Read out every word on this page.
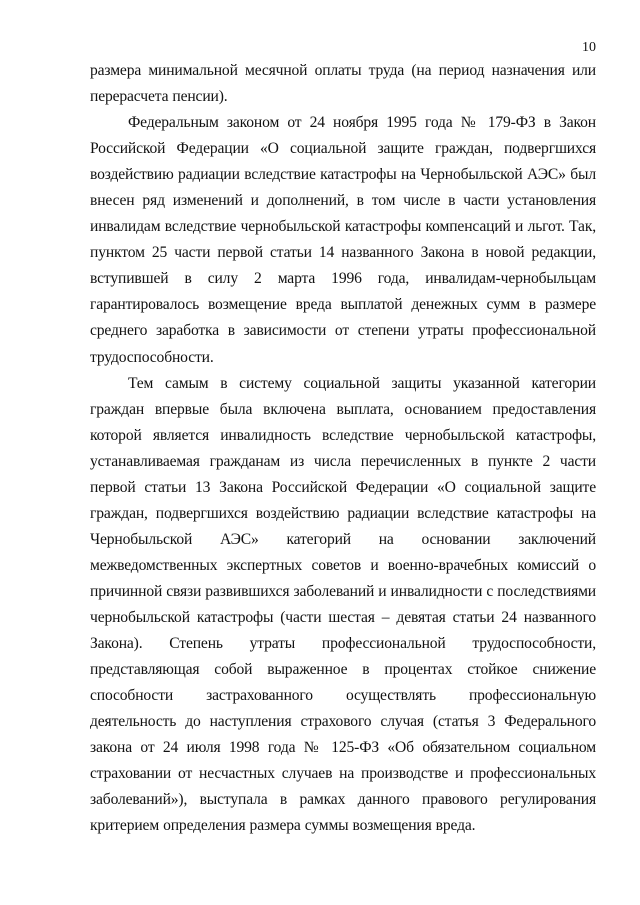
10

размера минимальной месячной оплаты труда (на период назначения или перерасчета пенсии).

Федеральным законом от 24 ноября 1995 года № 179-ФЗ в Закон Российской Федерации «О социальной защите граждан, подвергшихся воздействию радиации вследствие катастрофы на Чернобыльской АЭС» был внесен ряд изменений и дополнений, в том числе в части установления инвалидам вследствие чернобыльской катастрофы компенсаций и льгот. Так, пунктом 25 части первой статьи 14 названного Закона в новой редакции, вступившей в силу 2 марта 1996 года, инвалидам-чернобыльцам гарантировалось возмещение вреда выплатой денежных сумм в размере среднего заработка в зависимости от степени утраты профессиональной трудоспособности.

Тем самым в систему социальной защиты указанной категории граждан впервые была включена выплата, основанием предоставления которой является инвалидность вследствие чернобыльской катастрофы, устанавливаемая гражданам из числа перечисленных в пункте 2 части первой статьи 13 Закона Российской Федерации «О социальной защите граждан, подвергшихся воздействию радиации вследствие катастрофы на Чернобыльской АЭС» категорий на основании заключений межведомственных экспертных советов и военно-врачебных комиссий о причинной связи развившихся заболеваний и инвалидности с последствиями чернобыльской катастрофы (части шестая – девятая статьи 24 названного Закона). Степень утраты профессиональной трудоспособности, представляющая собой выраженное в процентах стойкое снижение способности застрахованного осуществлять профессиональную деятельность до наступления страхового случая (статья 3 Федерального закона от 24 июля 1998 года № 125-ФЗ «Об обязательном социальном страховании от несчастных случаев на производстве и профессиональных заболеваний»), выступала в рамках данного правового регулирования критерием определения размера суммы возмещения вреда.
